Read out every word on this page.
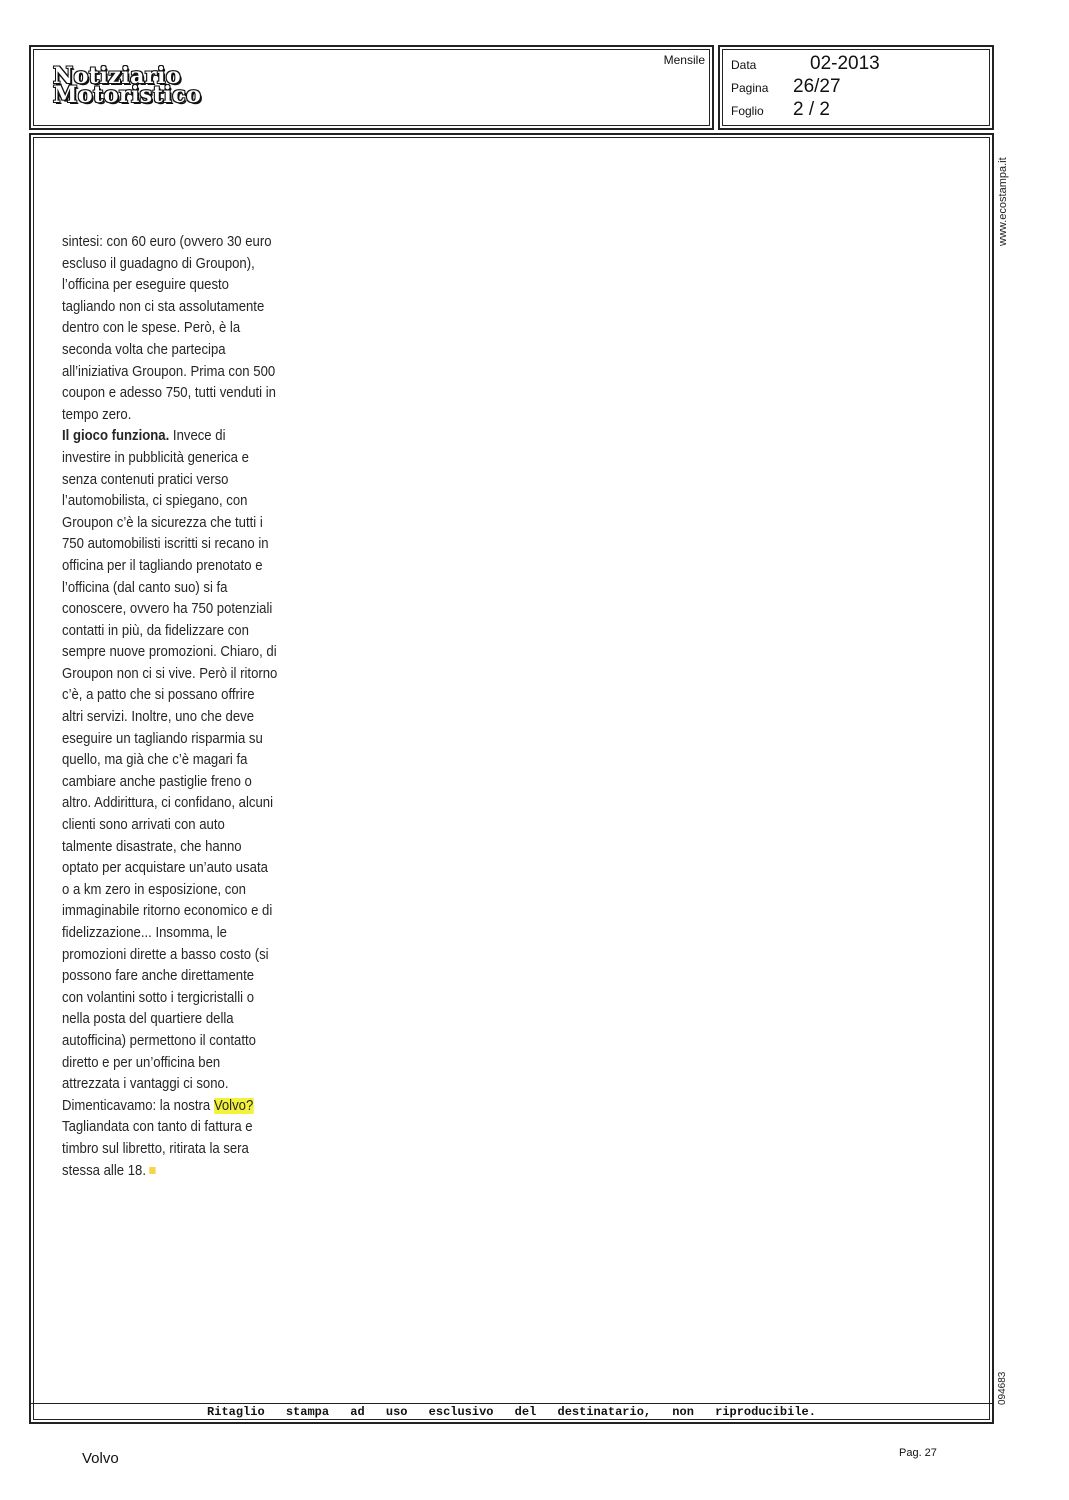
Notiziario
Motoristico
Mensile Data	02-2013
Pagina	26/27
Foglio	2 / 2

sintesi: con 60 euro (ovvero 30 euro escluso il guadagno di Groupon), l’officina per eseguire questo tagliando non ci sta assolutamente dentro con le spese. Però, è la seconda volta che partecipa all’iniziativa Groupon. Prima con 500 coupon e adesso 750, tutti venduti in tempo zero.

Il gioco funziona. Invece di investire in pubblicità generica e senza contenuti pratici verso l’automobilista, ci spiegano, con Groupon c’è la sicurezza che tutti i 750 automobilisti iscritti si recano in officina per il tagliando prenotato e l’officina (dal canto suo) si fa conoscere, ovvero ha 750 potenziali contatti in più, da fidelizzare con sempre nuove promozioni. Chiaro, di Groupon non ci si vive. Però il ritorno c’è, a patto che si possano offrire altri servizi. Inoltre, uno che deve eseguire un tagliando risparmia su quello, ma già che c’è magari fa cambiare anche pastiglie freno o altro. Addirittura, ci confidano, alcuni clienti sono arrivati con auto talmente disastrate, che hanno optato per acquistare un’auto usata o a km zero in esposizione, con immaginabile ritorno economico e di fidelizzazione... Insomma, le promozioni dirette a basso costo (si possono fare anche direttamente con volantini sotto i tergicristalli o nella posta del quartiere della autofficina) permettono il contatto diretto e per un’officina ben attrezzata i vantaggi ci sono.

Dimenticavamo: la nostra Volvo? Tagliandata con tanto di fattura e timbro sul libretto, ritirata la sera stessa alle 18.

Ritaglio stampa ad uso esclusivo del destinatario, non riproducibile.
www.ecostampa.it
094683
Volvo	Pag. 27
